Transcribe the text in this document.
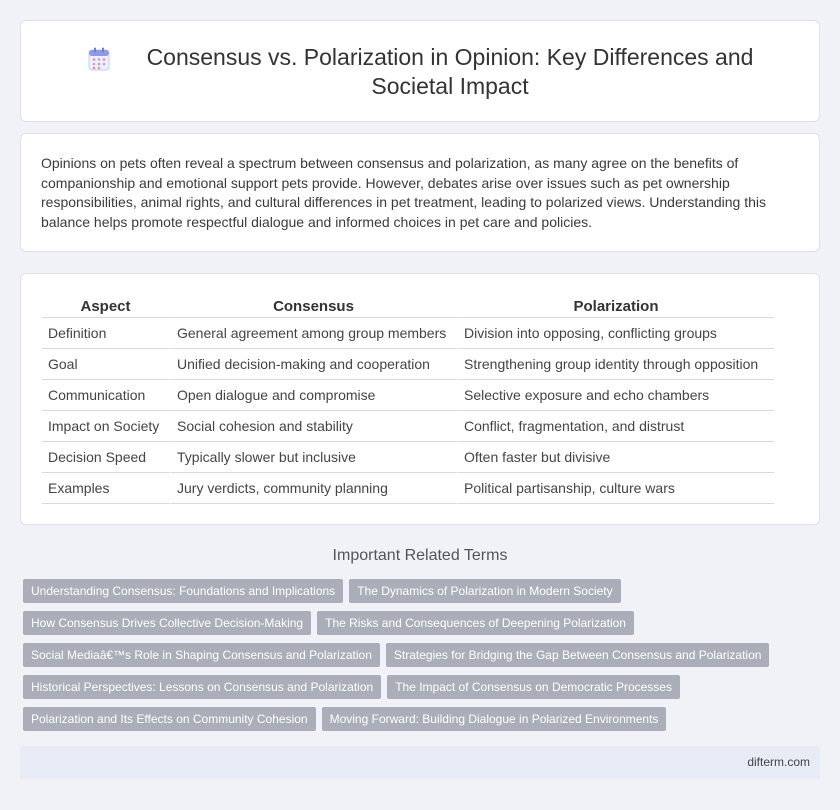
Consensus vs. Polarization in Opinion: Key Differences and Societal Impact

Opinions on pets often reveal a spectrum between consensus and polarization, as many agree on the benefits of companionship and emotional support pets provide. However, debates arise over issues such as pet ownership responsibilities, animal rights, and cultural differences in pet treatment, leading to polarized views. Understanding this balance helps promote respectful dialogue and informed choices in pet care and policies.

Aspect	Consensus	Polarization
Definition	General agreement among group members	Division into opposing, conflicting groups
Goal	Unified decision-making and cooperation	Strengthening group identity through opposition
Communication	Open dialogue and compromise	Selective exposure and echo chambers
Impact on Society	Social cohesion and stability	Conflict, fragmentation, and distrust
Decision Speed	Typically slower but inclusive	Often faster but divisive
Examples	Jury verdicts, community planning	Political partisanship, culture wars
Important Related Terms
Understanding Consensus: Foundations and Implications	The Dynamics of Polarization in Modern Society
How Consensus Drives Collective Decision-Making	The Risks and Consequences of Deepening Polarization
Social Mediaâ€™s Role in Shaping Consensus and Polarization	Strategies for Bridging the Gap Between Consensus and Polarization
Historical Perspectives: Lessons on Consensus and Polarization	The Impact of Consensus on Democratic Processes
Polarization and Its Effects on Community Cohesion	Moving Forward: Building Dialogue in Polarized Environments
difterm.com
